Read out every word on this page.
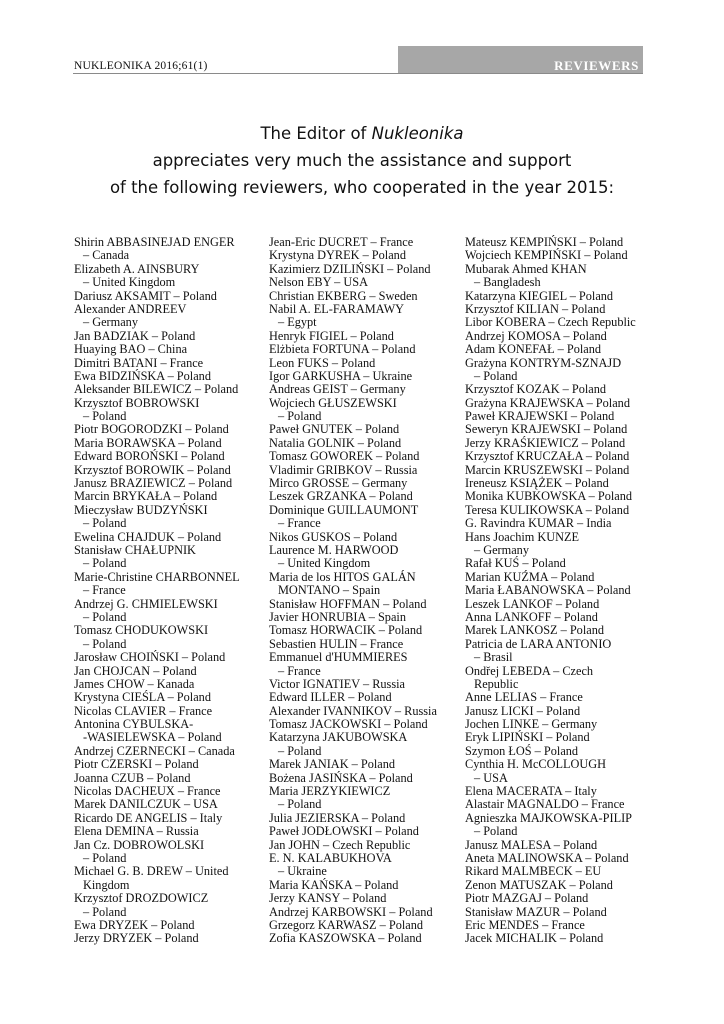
REVIEWERS
NUKLEONIKA 2016;61(1)
The Editor of Nukleonika
appreciates very much the assistance and support
of the following reviewers, who cooperated in the year 2015:
Shirin ABBASINEJAD ENGER
– Canada
Elizabeth A. AINSBURY
– United Kingdom
Dariusz AKSAMIT – Poland
Alexander ANDREEV
– Germany
Jan BADZIAK – Poland
Huaying BAO – China
Dimitri BATANI – France
Ewa BIDZIŃSKA – Poland
Aleksander BILEWICZ – Poland
Krzysztof BOBROWSKI
– Poland
Piotr BOGORODZKI – Poland
Maria BORAWSKA – Poland
Edward BOROŃSKI – Poland
Krzysztof BOROWIK – Poland
Janusz BRAZIEWICZ – Poland
Marcin BRYKAŁA – Poland
Mieczysław BUDZYŃSKI
– Poland
Ewelina CHAJDUK – Poland
Stanisław CHAŁUPNIK
– Poland
Marie-Christine CHARBONNEL
– France
Andrzej G. CHMIELEWSKI
– Poland
Tomasz CHODUKOWSKI
– Poland
Jarosław CHOIŃSKI – Poland
Jan CHOJCAN – Poland
James CHOW – Kanada
Krystyna CIEŚLA – Poland
Nicolas CLAVIER – France
Antonina CYBULSKA-
-WASIELEWSKA – Poland
Andrzej CZERNECKI – Canada
Piotr CZERSKI – Poland
Joanna CZUB – Poland
Nicolas DACHEUX – France
Marek DANILCZUK – USA
Ricardo DE ANGELIS – Italy
Elena DEMINA – Russia
Jan Cz. DOBROWOLSKI
– Poland
Michael G. B. DREW – United
Kingdom
Krzysztof DROZDOWICZ
– Poland
Ewa DRYZEK – Poland
Jerzy DRYZEK – Poland
Jean-Eric DUCRET – France
Krystyna DYREK – Poland
Kazimierz DZILIŃSKI – Poland
Nelson EBY – USA
Christian EKBERG – Sweden
Nabil A. EL-FARAMAWY
– Egypt
Henryk FIGIEL – Poland
Elżbieta FORTUNA – Poland
Leon FUKS – Poland
Igor GARKUSHA – Ukraine
Andreas GEIST – Germany
Wojciech GŁUSZEWSKI
– Poland
Paweł GNUTEK – Poland
Natalia GOLNIK – Poland
Tomasz GOWOREK – Poland
Vladimir GRIBKOV – Russia
Mirco GROSSE – Germany
Leszek GRZANKA – Poland
Dominique GUILLAUMONT
– France
Nikos GUSKOS – Poland
Laurence M. HARWOOD
– United Kingdom
Maria de los HITOS GALÁN
MONTANO – Spain
Stanisław HOFFMAN – Poland
Javier HONRUBIA – Spain
Tomasz HORWACIK – Poland
Sebastien HULIN – France
Emmanuel d'HUMMIERES
– France
Victor IGNATIEV – Russia
Edward ILLER – Poland
Alexander IVANNIKOV – Russia
Tomasz JACKOWSKI – Poland
Katarzyna JAKUBOWSKA
– Poland
Marek JANIAK – Poland
Bożena JASIŃSKA – Poland
Maria JERZYKIEWICZ
– Poland
Julia JEZIERSKA – Poland
Paweł JODŁOWSKI – Poland
Jan JOHN – Czech Republic
E. N. KALABUKHOVA
– Ukraine
Maria KAŃSKA – Poland
Jerzy KANSY – Poland
Andrzej KARBOWSKI – Poland
Grzegorz KARWASZ – Poland
Zofia KASZOWSKA – Poland
Mateusz KEMPIŃSKI – Poland
Wojciech KEMPIŃSKI – Poland
Mubarak Ahmed KHAN
– Bangladesh
Katarzyna KIEGIEL – Poland
Krzysztof KILIAN – Poland
Libor KOBERA – Czech Republic
Andrzej KOMOSA – Poland
Adam KONEFAŁ – Poland
Grażyna KONTRYM-SZNAJD
– Poland
Krzysztof KOZAK – Poland
Grażyna KRAJEWSKA – Poland
Paweł KRAJEWSKI – Poland
Seweryn KRAJEWSKI – Poland
Jerzy KRAŚKIEWICZ – Poland
Krzysztof KRUCZAŁA – Poland
Marcin KRUSZEWSKI – Poland
Ireneusz KSIĄŻEK – Poland
Monika KUBKOWSKA – Poland
Teresa KULIKOWSKA – Poland
G. Ravindra KUMAR – India
Hans Joachim KUNZE
– Germany
Rafał KUŚ – Poland
Marian KUŹMA – Poland
Maria ŁABANOWSKA – Poland
Leszek LANKOF – Poland
Anna LANKOFF – Poland
Marek LANKOSZ – Poland
Patricia de LARA ANTONIO
– Brasil
Ondřej LEBEDA – Czech
Republic
Anne LELIAS – France
Janusz LICKI – Poland
Jochen LINKE – Germany
Eryk LIPIŃSKI – Poland
Szymon ŁOŚ – Poland
Cynthia H. McCOLLOUGH
– USA
Elena MACERATA – Italy
Alastair MAGNALDO – France
Agnieszka MAJKOWSKA-PILIP
– Poland
Janusz MALESA – Poland
Aneta MALINOWSKA – Poland
Rikard MALMBECK – EU
Zenon MATUSZAK – Poland
Piotr MAZGAJ – Poland
Stanisław MAZUR – Poland
Eric MENDES – France
Jacek MICHALIK – Poland
